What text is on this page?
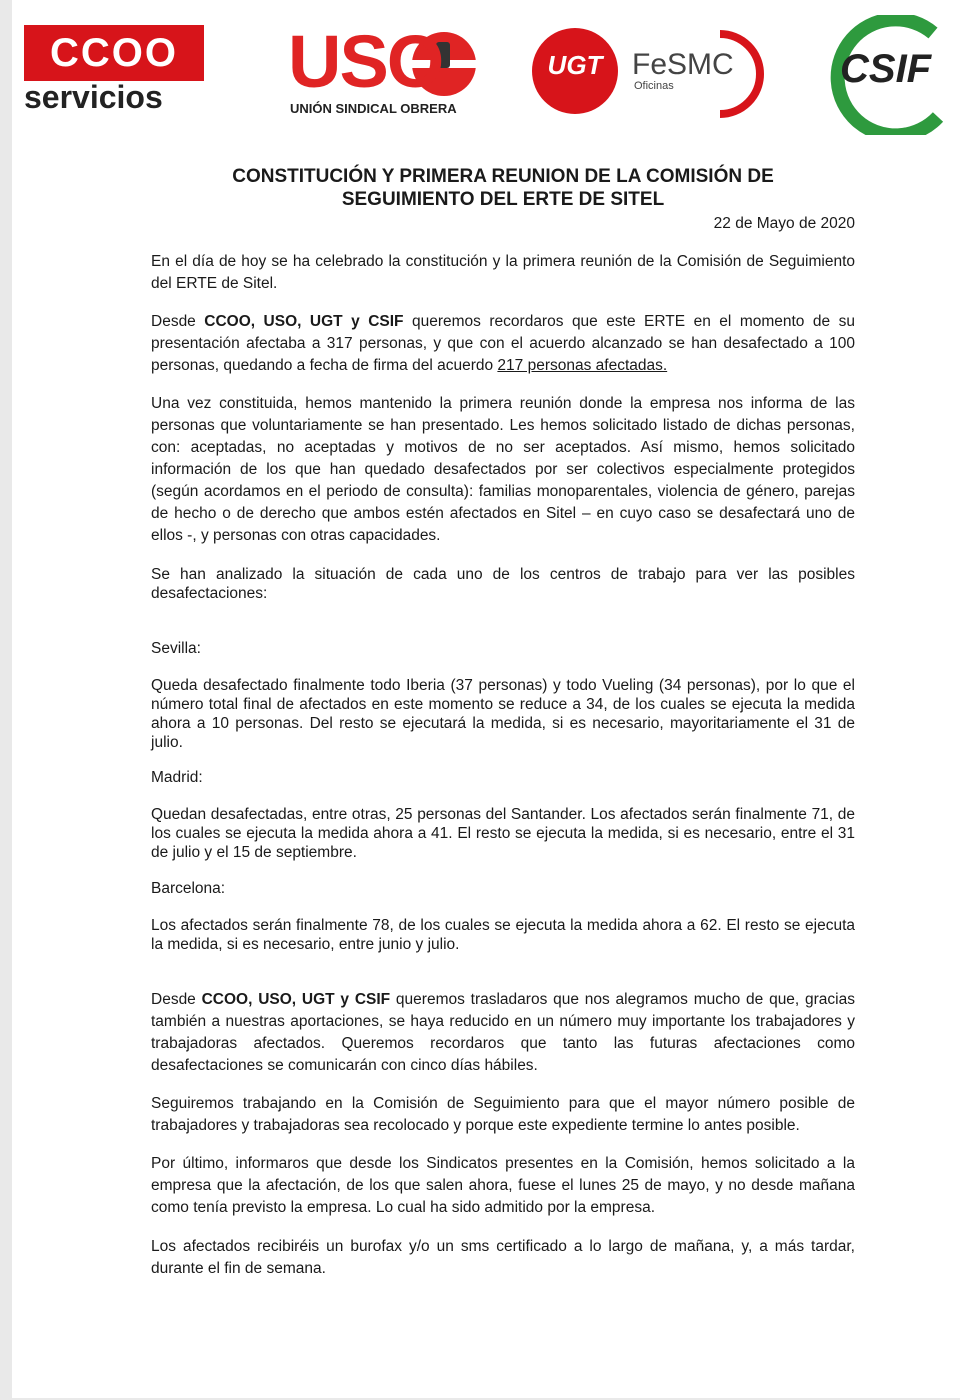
CCOO
servicios	USO
UNIÓN SINDICAL OBRERA
UGT FeSMC
Oficinas	CSIF
CONSTITUCIÓN Y PRIMERA REUNION DE LA COMISIÓN DE
SEGUIMIENTO DEL ERTE DE SITEL
22 de Mayo de 2020

En el día de hoy se ha celebrado la constitución y la primera reunión de la Comisión de Seguimiento del ERTE de Sitel.

Desde CCOO, USO, UGT y CSIF queremos recordaros que este ERTE en el momento de su presentación afectaba a 317 personas, y que con el acuerdo alcanzado se han desafectado a 100 personas, quedando a fecha de firma del acuerdo 217 personas afectadas.

Una vez constituida, hemos mantenido la primera reunión donde la empresa nos informa de las personas que voluntariamente se han presentado. Les hemos solicitado listado de dichas personas, con: aceptadas, no aceptadas y motivos de no ser aceptados. Así mismo, hemos solicitado información de los que han quedado desafectados por ser colectivos especialmente protegidos (según acordamos en el periodo de consulta): familias monoparentales, violencia de género, parejas de hecho o de derecho que ambos estén afectados en Sitel – en cuyo caso se desafectará uno de ellos -, y personas con otras capacidades.

Se han analizado la situación de cada uno de los centros de trabajo para ver las posibles desafectaciones:

Sevilla:

Queda desafectado finalmente todo Iberia (37 personas) y todo Vueling (34 personas), por lo que el número total final de afectados en este momento se reduce a 34, de los cuales se ejecuta la medida ahora a 10 personas. Del resto se ejecutará la medida, si es necesario, mayoritariamente el 31 de julio.

Madrid:

Quedan desafectadas, entre otras, 25 personas del Santander. Los afectados serán finalmente 71, de los cuales se ejecuta la medida ahora a 41. El resto se ejecuta la medida, si es necesario, entre el 31 de julio y el 15 de septiembre.

Barcelona:

Los afectados serán finalmente 78, de los cuales se ejecuta la medida ahora a 62. El resto se ejecuta la medida, si es necesario, entre junio y julio.

Desde CCOO, USO, UGT y CSIF queremos trasladaros que nos alegramos mucho de que, gracias también a nuestras aportaciones, se haya reducido en un número muy importante los trabajadores y trabajadoras afectados. Queremos recordaros que tanto las futuras afectaciones como desafectaciones se comunicarán con cinco días hábiles.

Seguiremos trabajando en la Comisión de Seguimiento para que el mayor número posible de trabajadores y trabajadoras sea recolocado y porque este expediente termine lo antes posible.

Por último, informaros que desde los Sindicatos presentes en la Comisión, hemos solicitado a la empresa que la afectación, de los que salen ahora, fuese el lunes 25 de mayo, y no desde mañana como tenía previsto la empresa. Lo cual ha sido admitido por la empresa.

Los afectados recibiréis un burofax y/o un sms certificado a lo largo de mañana, y, a más tardar, durante el fin de semana.
